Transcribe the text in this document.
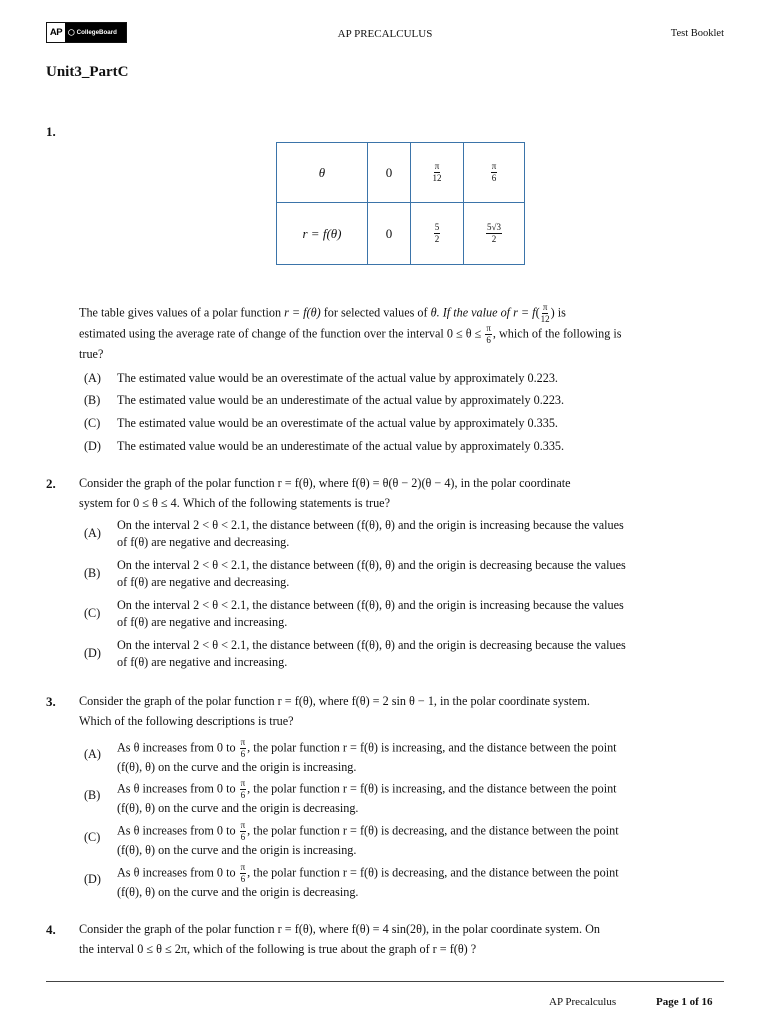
AP ◯ CollegeBoard	AP PRECALCULUS	Test Booklet
Unit3_PartC
1.
θ	0	$\frac{\pi}{12}$	$\frac{\pi}{6}$

r = f(θ)	0	$\frac{5}{2}$	$\frac{5√3}{2}$
The table gives values of a polar function r = f(θ) for selected values of θ. If the value of $r = f( \frac{\pi}{12}$ ) is
estimated using the average rate of change of the function over the interval $0 \le \theta \le \frac{\pi}{6}$ , which of the following is
true?
(A)	The estimated value would be an overestimate of the actual value by approximately 0.223.
(B)	The estimated value would be an underestimate of the actual value by approximately 0.223.
(C)	The estimated value would be an overestimate of the actual value by approximately 0.335.
(D)	The estimated value would be an underestimate of the actual value by approximately 0.335.
2. Consider the graph of the polar function r = f(θ), where f(θ) = θ(θ − 2)(θ − 4), in the polar coordinate
system for 0 ≤ θ ≤ 4. Which of the following statements is true?
(A)
On the interval 2 < θ < 2.1, the distance between (f(θ), θ) and the origin is increasing because the values
of f(θ) are negative and decreasing.
(B)
On the interval 2 < θ < 2.1, the distance between (f(θ), θ) and the origin is decreasing because the values
of f(θ) are negative and decreasing.
(C)
On the interval 2 < θ < 2.1, the distance between (f(θ), θ) and the origin is increasing because the values
of f(θ) are negative and increasing.
(D)
On the interval 2 < θ < 2.1, the distance between (f(θ), θ) and the origin is decreasing because the values
of f(θ) are negative and increasing.
3. Consider the graph of the polar function r = f(θ), where f(θ) = 2 sin θ − 1, in the polar coordinate system.
Which of the following descriptions is true?
(A)	As θ increases from 0 to $\frac{\pi}{6}$ , the polar function r = f(θ) is increasing, and the distance between the point
(f(θ), θ) on the curve and the origin is increasing.
(B)	As θ increases from 0 to $\frac{\pi}{6}$ , the polar function r = f(θ) is increasing, and the distance between the point
(f(θ), θ) on the curve and the origin is decreasing.
(C)	As θ increases from 0 to $\frac{\pi}{6}$ , the polar function r = f(θ) is decreasing, and the distance between the point
(f(θ), θ) on the curve and the origin is increasing.
(D)	As θ increases from 0 to $\frac{\pi}{6}$ , the polar function r = f(θ) is decreasing, and the distance between the point
(f(θ), θ) on the curve and the origin is decreasing.
4. Consider the graph of the polar function r = f(θ), where f(θ) = 4 sin(2θ), in the polar coordinate system. On
the interval 0 ≤ θ ≤ 2π, which of the following is true about the graph of r = f(θ) ?
AP Precalculus	Page 1 of 16
